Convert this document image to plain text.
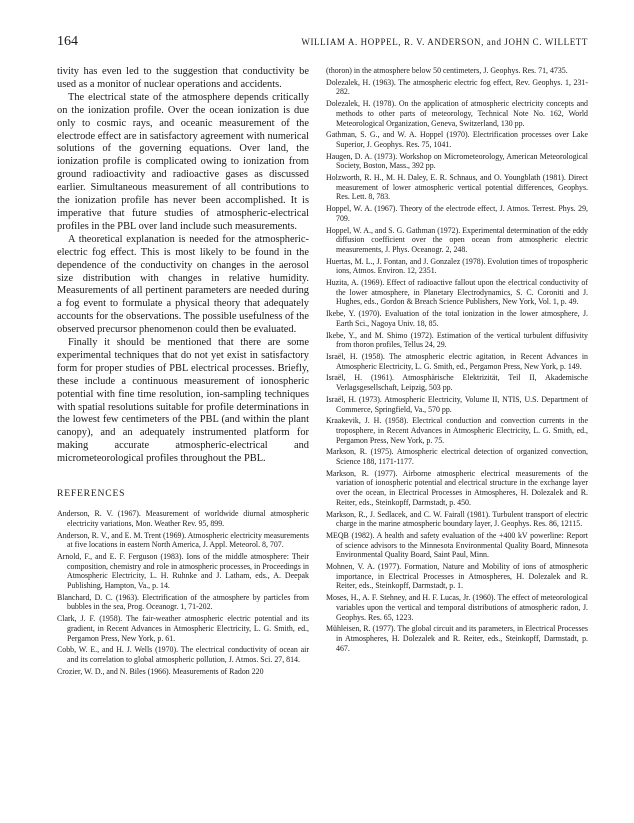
164	WILLIAM A. HOPPEL, R. V. ANDERSON, and JOHN C. WILLETT

tivity has even led to the suggestion that conductivity be used as a monitor of nuclear operations and accidents.

The electrical state of the atmosphere depends critically on the ionization profile. Over the ocean ionization is due only to cosmic rays, and oceanic measurement of the electrode effect are in satisfactory agreement with numerical solutions of the governing equations. Over land, the ionization profile is complicated owing to ionization from ground radioactivity and radioactive gases as discussed earlier. Simultaneous measurement of all contributions to the ionization profile has never been accomplished. It is imperative that future studies of atmospheric-electrical profiles in the PBL over land include such measurements.

A theoretical explanation is needed for the atmospheric-electric fog effect. This is most likely to be found in the dependence of the conductivity on changes in the aerosol size distribution with changes in relative humidity. Measurements of all pertinent parameters are needed during a fog event to formulate a physical theory that adequately accounts for the observations. The possible usefulness of the observed precursor phenomenon could then be evaluated.

Finally it should be mentioned that there are some experimental techniques that do not yet exist in satisfactory form for proper studies of PBL electrical processes. Briefly, these include a continuous measurement of ionospheric potential with fine time resolution, ion-sampling techniques with spatial resolutions suitable for profile determinations in the lowest few centimeters of the PBL (and within the plant canopy), and an adequately instrumented platform for making accurate atmospheric-electrical and micrometeorological profiles throughout the PBL.

REFERENCES

Anderson, R. V. (1967). Measurement of worldwide diurnal atmospheric electricity variations, Mon. Weather Rev. 95, 899.

Anderson, R. V., and E. M. Trent (1969). Atmospheric electricity measurements at five locations in eastern North America, J. Appl. Meteorol. 8, 707.

Arnold, F., and E. F. Ferguson (1983). Ions of the middle atmosphere: Their composition, chemistry and role in atmospheric processes, in Proceedings in Atmospheric Electricity, L. H. Ruhnke and J. Latham, eds., A. Deepak Publishing, Hampton, Va., p. 14.

Blanchard, D. C. (1963). Electrification of the atmosphere by particles from bubbles in the sea, Prog. Oceanogr. 1, 71-202.

Clark, J. F. (1958). The fair-weather atmospheric electric potential and its gradient, in Recent Advances in Atmospheric Electricity, L. G. Smith, ed., Pergamon Press, New York, p. 61.

Cobb, W. E., and H. J. Wells (1970). The electrical conductivity of ocean air and its correlation to global atmospheric pollution, J. Atmos. Sci. 27, 814.

Crozier, W. D., and N. Biles (1966). Measurements of Radon 220

(thoron) in the atmosphere below 50 centimeters, J. Geophys. Res. 71, 4735.

Dolezalek, H. (1963). The atmospheric electric fog effect, Rev. Geophys. 1, 231-282.

Dolezalek, H. (1978). On the application of atmospheric electricity concepts and methods to other parts of meteorology, Technical Note No. 162, World Meteorological Organization, Geneva, Switzerland, 130 pp.

Gathman, S. G., and W. A. Hoppel (1970). Electrification processes over Lake Superior, J. Geophys. Res. 75, 1041.

Haugen, D. A. (1973). Workshop on Micrometeorology, American Meteorological Society, Boston, Mass., 392 pp.

Holzworth, R. H., M. H. Daley, E. R. Schnaus, and O. Youngblath (1981). Direct measurement of lower atmospheric vertical potential differences, Geophys. Res. Lett. 8, 783.

Hoppel, W. A. (1967). Theory of the electrode effect, J. Atmos. Terrest. Phys. 29, 709.

Hoppel, W. A., and S. G. Gathman (1972). Experimental determination of the eddy diffusion coefficient over the open ocean from atmospheric electric measurements, J. Phys. Oceanogr. 2, 248.

Huertas, M. L., J. Fontan, and J. Gonzalez (1978). Evolution times of tropospheric ions, Atmos. Environ. 12, 2351.

Huzita, A. (1969). Effect of radioactive fallout upon the electrical conductivity of the lower atmosphere, in Planetary Electrodynamics, S. C. Coroniti and J. Hughes, eds., Gordon & Breach Science Publishers, New York, Vol. 1, p. 49.

Ikebe, Y. (1970). Evaluation of the total ionization in the lower atmosphere, J. Earth Sci., Nagoya Univ. 18, 85.

Ikebe, Y., and M. Shimo (1972). Estimation of the vertical turbulent diffusivity from thoron profiles, Tellus 24, 29.

Israël, H. (1958). The atmospheric electric agitation, in Recent Advances in Atmospheric Electricity, L. G. Smith, ed., Pergamon Press, New York, p. 149.

Israël, H. (1961). Atmosphärische Elektrizität, Teil II, Akademische Verlagsgesellschaft, Leipzig, 503 pp.

Israël, H. (1973). Atmospheric Electricity, Volume II, NTIS, U.S. Department of Commerce, Springfield, Va., 570 pp.

Kraakevik, J. H. (1958). Electrical conduction and convection currents in the troposphere, in Recent Advances in Atmospheric Electricity, L. G. Smith, ed., Pergamon Press, New York, p. 75.

Markson, R. (1975). Atmospheric electrical detection of organized convection, Science 188, 1171-1177.

Markson, R. (1977). Airborne atmospheric electrical measurements of the variation of ionospheric potential and electrical structure in the exchange layer over the ocean, in Electrical Processes in Atmospheres, H. Dolezalek and R. Reiter, eds., Steinkopff, Darmstadt, p. 450.

Markson, R., J. Sedlacek, and C. W. Fairall (1981). Turbulent transport of electric charge in the marine atmospheric boundary layer, J. Geophys. Res. 86, 12115.

MEQB (1982). A health and safety evaluation of the +400 kV powerline: Report of science advisors to the Minnesota Environmental Quality Board, Minnesota Environmental Quality Board, Saint Paul, Minn.

Mohnen, V. A. (1977). Formation, Nature and Mobility of ions of atmospheric importance, in Electrical Processes in Atmospheres, H. Dolezalek and R. Reiter, eds., Steinkopff, Darmstadt, p. 1.

Moses, H., A. F. Stehney, and H. F. Lucas, Jr. (1960). The effect of meteorological variables upon the vertical and temporal distributions of atmospheric radon, J. Geophys. Res. 65, 1223.

Mühleisen, R. (1977). The global circuit and its parameters, in Electrical Processes in Atmospheres, H. Dolezalek and R. Reiter, eds., Steinkopff, Darmstadt, p. 467.
